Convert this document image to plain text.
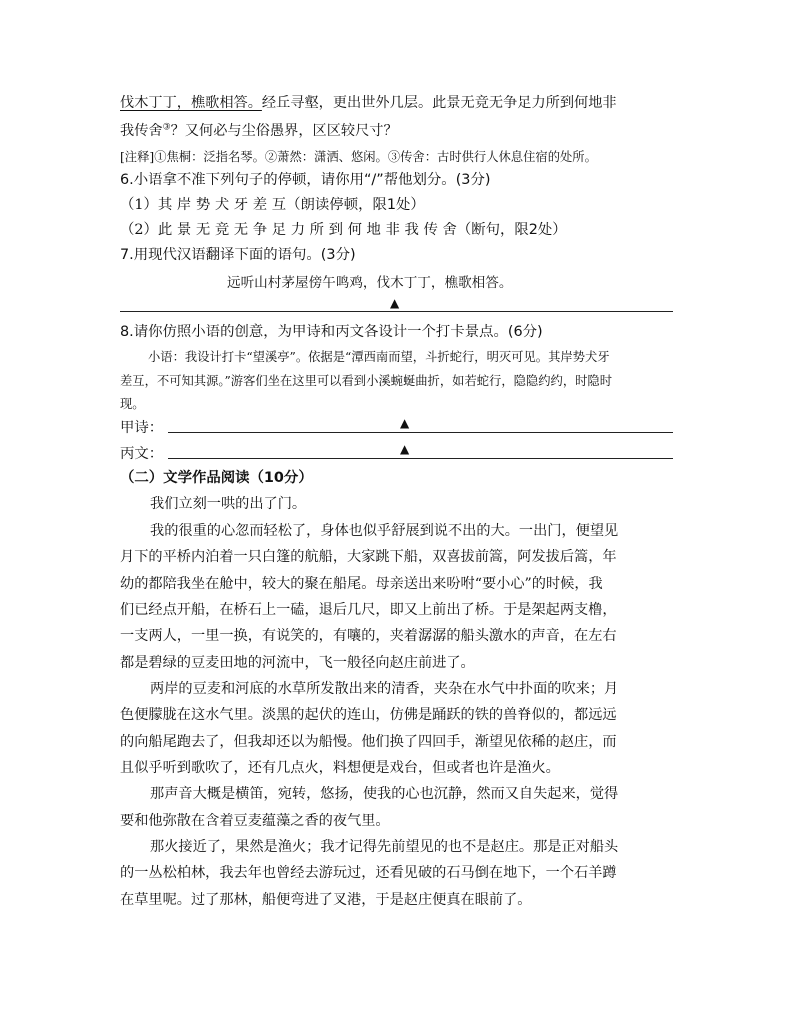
伐木丁丁，樵歌相答。经丘寻壑，更出世外几层。此景无竞无争足力所到何地非
我传舍③？又何必与尘俗愚界，区区较尺寸？
[注释]①焦桐：泛指名琴。②萧然：潇洒、悠闲。③传舍：古时供行人休息住宿的处所。
6.小语拿不准下列句子的停顿，请你用“/”帮他划分。(3分)
（1）其 岸 势 犬 牙 差 互（朗读停顿，限1处）
（2）此 景 无 竞 无 争 足 力 所 到 何 地 非 我 传 舍（断句，限2处）
7.用现代汉语翻译下面的语句。(3分)
远听山村茅屋傍午鸣鸡，伐木丁丁，樵歌相答。
▲
8.请你仿照小语的创意，为甲诗和丙文各设计一个打卡景点。(6分)
小语：我设计打卡“望溪亭”。依据是“潭西南而望，斗折蛇行，明灭可见。其岸势犬牙
差互，不可知其源。”游客们坐在这里可以看到小溪蜿蜒曲折，如若蛇行，隐隐约约，时隐时
现。
甲诗：	▲
丙文：	▲
（二）文学作品阅读（10分）
我们立刻一哄的出了门。
我的很重的心忽而轻松了，身体也似乎舒展到说不出的大。一出门，便望见
月下的平桥内泊着一只白篷的航船，大家跳下船，双喜拔前篙，阿发拔后篙，年
幼的都陪我坐在舱中，较大的聚在船尾。母亲送出来吩咐“要小心”的时候，我
们已经点开船，在桥石上一磕，退后几尺，即又上前出了桥。于是架起两支橹，
一支两人，一里一换，有说笑的，有嚷的，夹着潺潺的船头激水的声音，在左右
都是碧绿的豆麦田地的河流中，飞一般径向赵庄前进了。
两岸的豆麦和河底的水草所发散出来的清香，夹杂在水气中扑面的吹来；月
色便朦胧在这水气里。淡黑的起伏的连山，仿佛是踊跃的铁的兽脊似的，都远远
的向船尾跑去了，但我却还以为船慢。他们换了四回手，渐望见依稀的赵庄，而
且似乎听到歌吹了，还有几点火，料想便是戏台，但或者也许是渔火。
那声音大概是横笛，宛转，悠扬，使我的心也沉静，然而又自失起来，觉得
要和他弥散在含着豆麦蕴藻之香的夜气里。
那火接近了，果然是渔火；我才记得先前望见的也不是赵庄。那是正对船头
的一丛松柏林，我去年也曾经去游玩过，还看见破的石马倒在地下，一个石羊蹲
在草里呢。过了那林，船便弯进了叉港，于是赵庄便真在眼前了。
